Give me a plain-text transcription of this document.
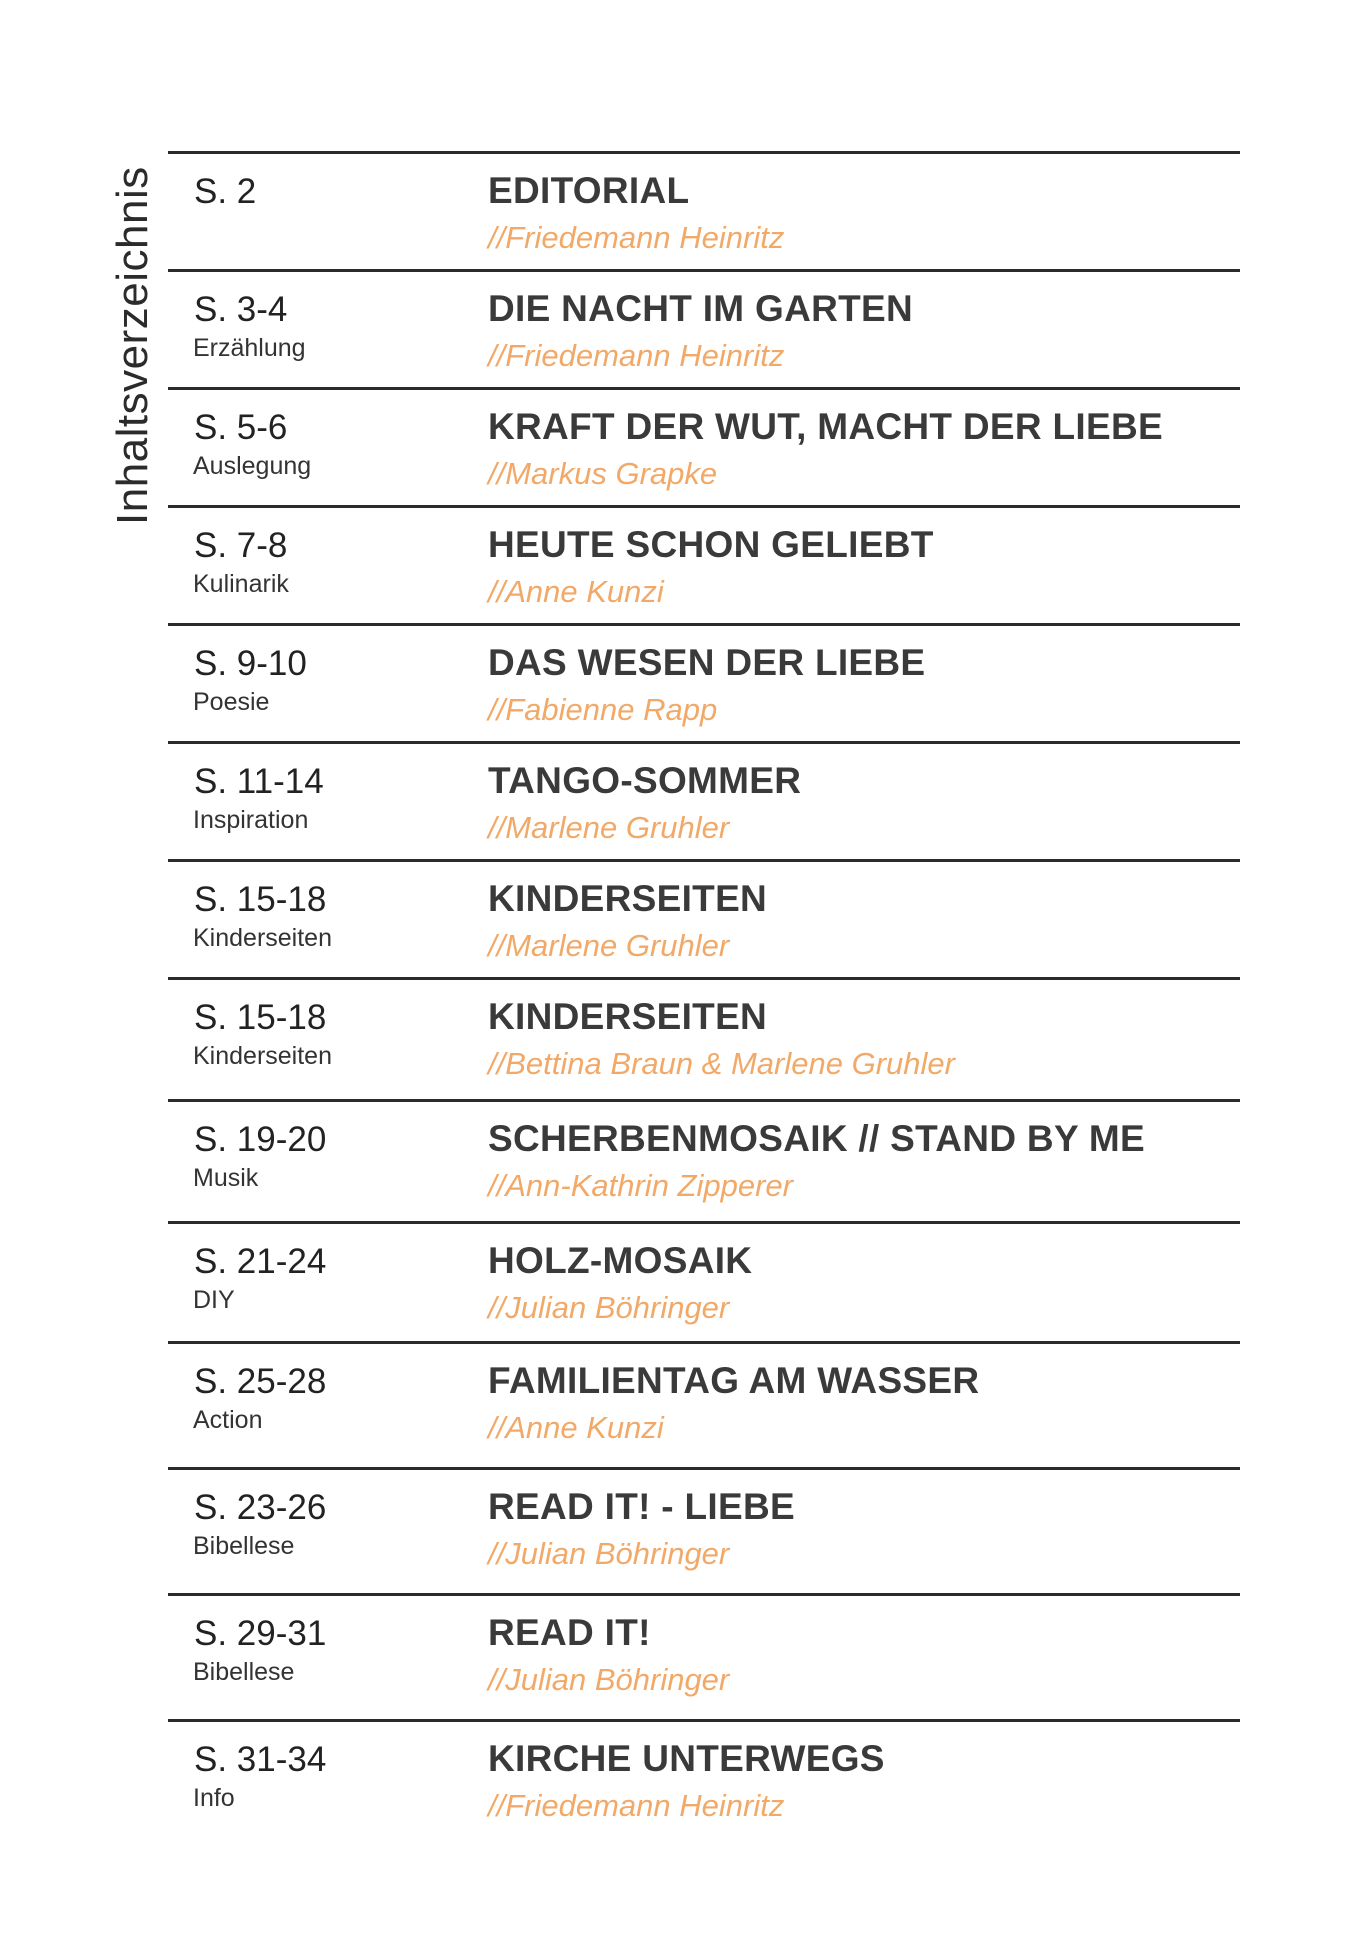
Inhaltsverzeichnis S. 2	EDITORIAL
//Friedemann Heinritz
S. 3-4
Erzählung
DIE NACHT IM GARTEN
//Friedemann Heinritz
S. 5-6
Auslegung
KRAFT DER WUT, MACHT DER LIEBE
//Markus Grapke
S. 7-8
Kulinarik
HEUTE SCHON GELIEBT
//Anne Kunzi
S. 9-10
Poesie
DAS WESEN DER LIEBE
//Fabienne Rapp
S. 11-14
Inspiration
TANGO-SOMMER
//Marlene Gruhler
S. 15-18
Kinderseiten
KINDERSEITEN
//Marlene Gruhler
S. 15-18
Kinderseiten
KINDERSEITEN
//Bettina Braun & Marlene Gruhler
S. 19-20
Musik
SCHERBENMOSAIK // STAND BY ME
//Ann-Kathrin Zipperer
S. 21-24
DIY
HOLZ-MOSAIK
//Julian Böhringer
S. 25-28
Action
FAMILIENTAG AM WASSER
//Anne Kunzi
S. 23-26
Bibellese
READ IT! - LIEBE
//Julian Böhringer
S. 29-31
Bibellese
READ IT!
//Julian Böhringer
S. 31-34
Info
KIRCHE UNTERWEGS
//Friedemann Heinritz
